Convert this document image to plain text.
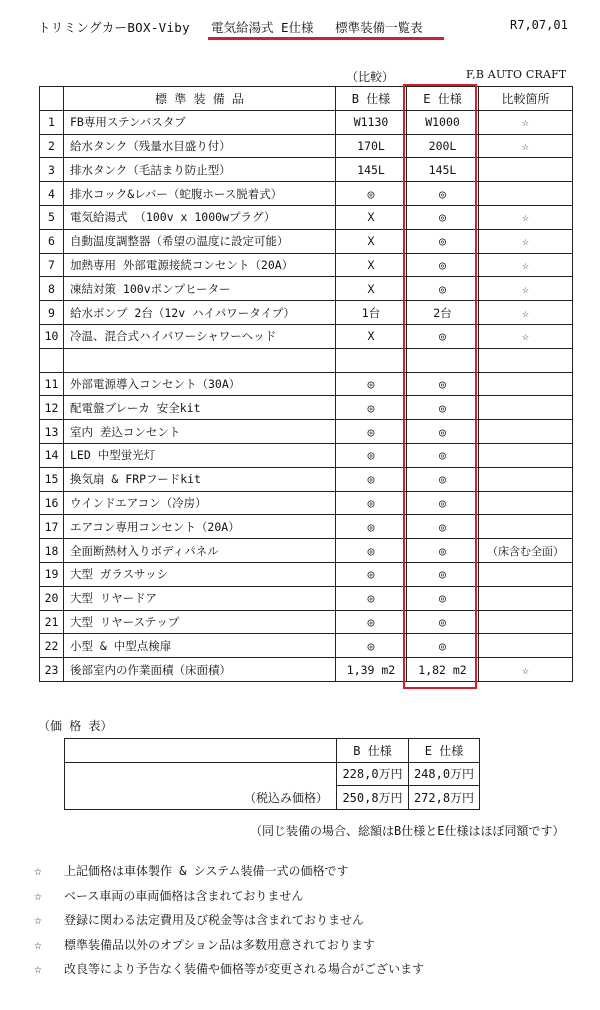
トリミングカーBOX-Viby 電気給湯式 E仕様 標準装備一覧表	R7,07,01
（比較）	F,B AUTO CRAFT
	標 準 装 備 品	B 仕様	E 仕様	比較箇所
1	FB専用ステンバスタブ	W1130	W1000	☆
2	給水タンク（残量水目盛り付）	170L	200L	☆
3	排水タンク（毛詰まり防止型）	145L	145L	
4	排水コック&レバー（蛇腹ホース脱着式）	◎	◎	
5	電気給湯式 （100v x 1000wプラグ）	X	◎	☆
6	自動温度調整器（希望の温度に設定可能）	X	◎	☆
7	加熱専用 外部電源接続コンセント（20A）	X	◎	☆
8	凍結対策 100vポンプヒーター	X	◎	☆
9	給水ポンプ 2台（12v ハイパワータイプ）	1台	2台	☆
10	冷温、混合式ハイパワーシャワーヘッド	X	◎	☆

11	外部電源導入コンセント（30A）	◎	◎	
12	配電盤ブレーカ 安全kit	◎	◎	
13	室内 差込コンセント	◎	◎	
14	LED 中型蛍光灯	◎	◎	
15	換気扇 & FRPフードkit	◎	◎	
16	ウインドエアコン（冷房）	◎	◎	
17	エアコン専用コンセント（20A）	◎	◎	
18	全面断熱材入りボディパネル	◎	◎	（床含む全面）
19	大型 ガラスサッシ	◎	◎	
20	大型 リヤードア	◎	◎	
21	大型 リヤーステップ	◎	◎	
22	小型 & 中型点検扉	◎	◎	
23	後部室内の作業面積（床面積）	1,39 m2	1,82 m2	☆
（価 格 表）
	B 仕様	E 仕様
	228,0万円	248,0万円
（税込み価格）	250,8万円	272,8万円
（同じ装備の場合、総額はB仕様とE仕様はほぼ同額です）
☆ 上記価格は車体製作 & システム装備一式の価格です
☆ ベース車両の車両価格は含まれておりません
☆ 登録に関わる法定費用及び税金等は含まれておりません
☆ 標準装備品以外のオプション品は多数用意されております
☆ 改良等により予告なく装備や価格等が変更される場合がございます
